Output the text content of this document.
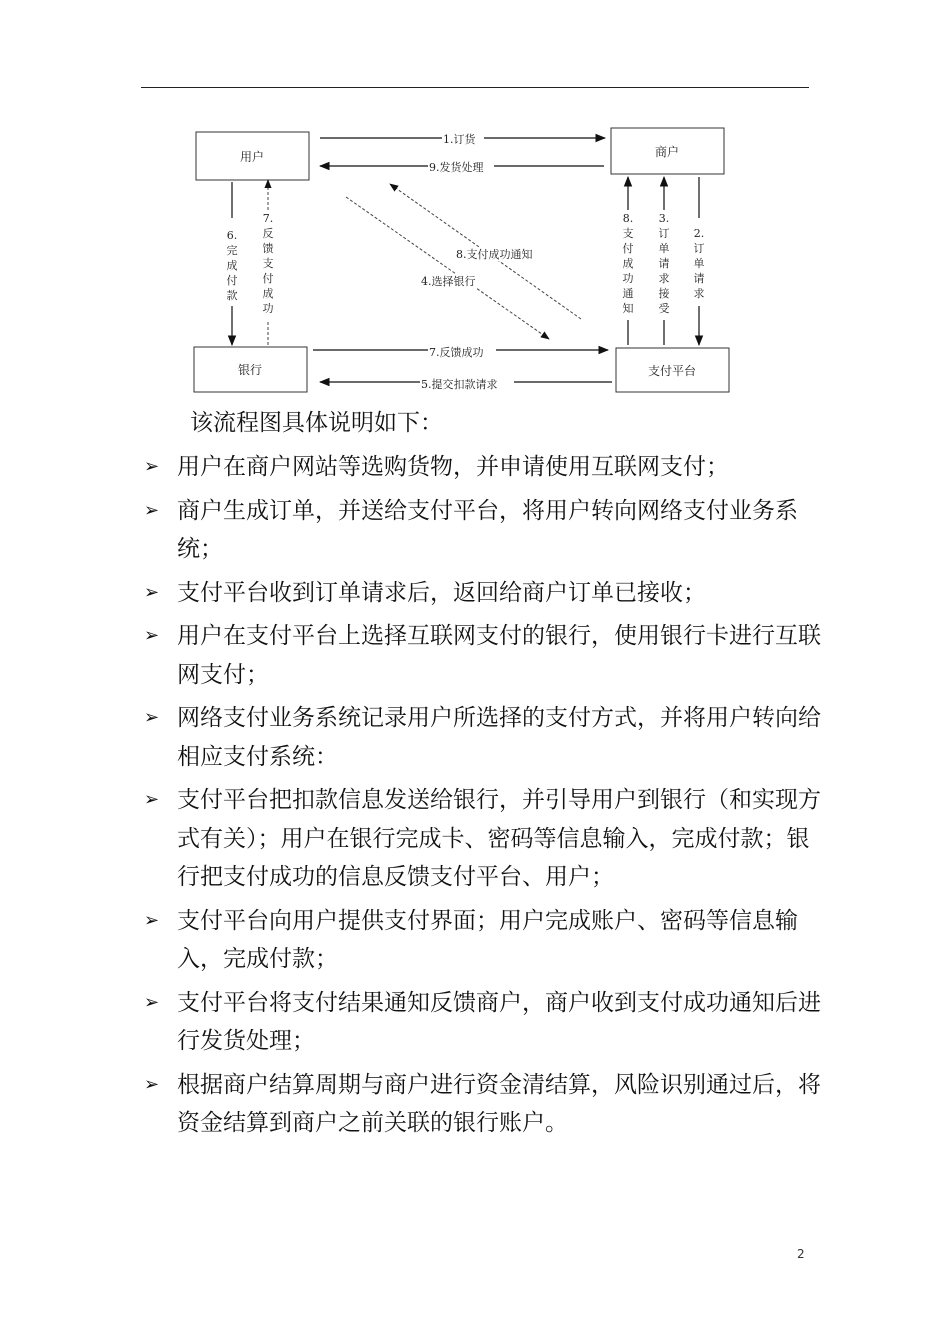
用户	商户
银行	支付平台
1.订货
9.发货处理
7.反馈成功
5.提交扣款请求
8.支付成功通知
4.选择银行
6.
完
成
付
款
7.
反
馈
支
付
成
功
8.
支
付
成
功
通
知
3.
订
单
请
求
接
受
2.
订
单
请
求
该流程图具体说明如下：
➢ 用户在商户网站等选购货物，并申请使用互联网支付；
➢ 商户生成订单，并送给支付平台，将用户转向网络支付业务系统；
➢ 支付平台收到订单请求后，返回给商户订单已接收；
➢ 用户在支付平台上选择互联网支付的银行，使用银行卡进行互联网支付；
➢ 网络支付业务系统记录用户所选择的支付方式，并将用户转向给相应支付系统：
➢ 支付平台把扣款信息发送给银行，并引导用户到银行（和实现方式有关）；用户在银行完成卡、密码等信息输入，完成付款；银行把支付成功的信息反馈支付平台、用户；
➢ 支付平台向用户提供支付界面；用户完成账户、密码等信息输入，完成付款；
➢ 支付平台将支付结果通知反馈商户，商户收到支付成功通知后进行发货处理；
➢ 根据商户结算周期与商户进行资金清结算，风险识别通过后，将资金结算到商户之前关联的银行账户。
2
